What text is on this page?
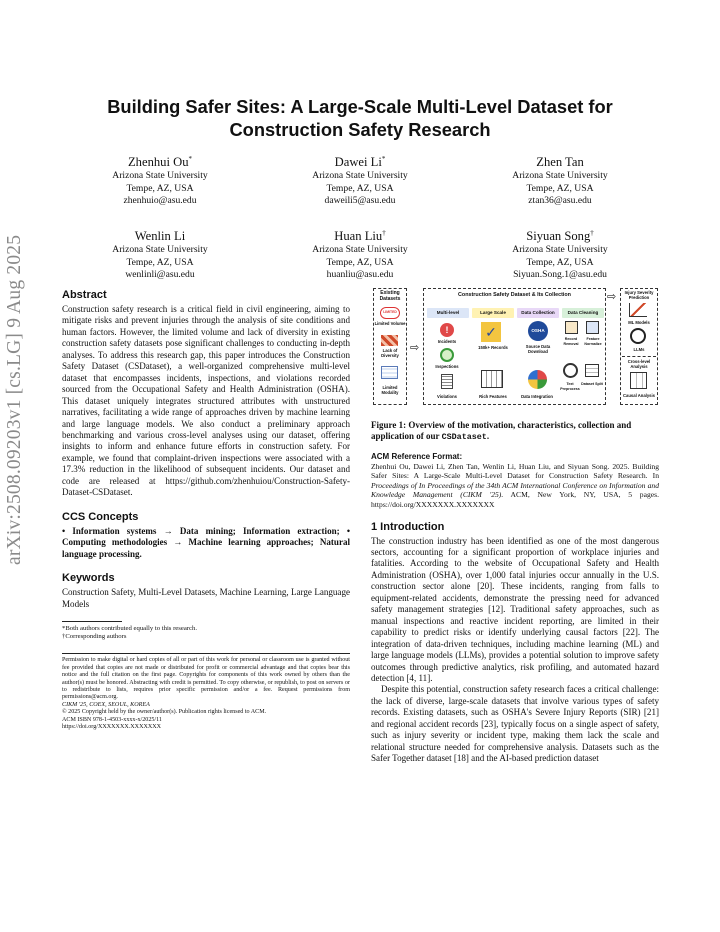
arXiv:2508.09203v1 [cs.LG] 9 Aug 2025
Building Safer Sites: A Large-Scale Multi-Level Dataset for Construction Safety Research
Zhenhui Ou*
Arizona State University
Tempe, AZ, USA
zhenhuio@asu.edu
Dawei Li*
Arizona State University
Tempe, AZ, USA
daweili5@asu.edu
Zhen Tan
Arizona State University
Tempe, AZ, USA
ztan36@asu.edu
Wenlin Li
Arizona State University
Tempe, AZ, USA
wenlinli@asu.edu
Huan Liu†
Arizona State University
Tempe, AZ, USA
huanliu@asu.edu
Siyuan Song†
Arizona State University
Tempe, AZ, USA
Siyuan.Song.1@asu.edu
Abstract
Construction safety research is a critical field in civil engineering, aiming to mitigate risks and prevent injuries through the analysis of site conditions and human factors. However, the limited volume and lack of diversity in existing construction safety datasets pose significant challenges to conducting in-depth analyses. To address this research gap, this paper introduces the Construction Safety Dataset (CSDataset), a well-organized comprehensive multi-level dataset that encompasses incidents, inspections, and violations recorded sourced from the Occupational Safety and Health Administration (OSHA). This dataset uniquely integrates structured attributes with unstructured narratives, facilitating a wide range of approaches driven by machine learning and large language models. We also conduct a preliminary approach benchmarking and various cross-level analyses using our dataset, offering insights to inform and enhance future efforts in construction safety. For example, we found that complaint-driven inspections were associated with a 17.3% reduction in the likelihood of subsequent incidents. Our dataset and code are released at https://github.com/zhenhuiou/Construction-Safety-Dataset-CSDataset.
CCS Concepts
• Information systems → Data mining; Information extraction; • Computing methodologies → Machine learning approaches; Natural language processing.
Keywords
Construction Safety, Multi-Level Datasets, Machine Learning, Large Language Models
*Both authors contributed equally to this research.
†Corresponding authors
Permission to make digital or hard copies of all or part of this work for personal or classroom use is granted without fee provided that copies are not made or distributed for profit or commercial advantage and that copies bear this notice and the full citation on the first page. Copyrights for components of this work owned by others than the author(s) must be honored. Abstracting with credit is permitted. To copy otherwise, or republish, to post on servers or to redistribute to lists, requires prior specific permission and/or a fee. Request permissions from permissions@acm.org.
CIKM '25, COEX, SEOUL, KOREA
© 2025 Copyright held by the owner/author(s). Publication rights licensed to ACM.
ACM ISBN 978-1-4503-xxxx-x/2025/11
https://doi.org/XXXXXXX.XXXXXXX
Existing Datasets
LIMITED
Limited Volume
Lack of Diversity
Limited Modality
⇨
Construction Safety Dataset & Its Collection
Multi-level	Large Scale	Data Collection	Data Cleaning
!
Incidents
Inspections
Violations
✓
150k+ Records
Rich Features
OSHA
Source Data Download
Data Integration
Record Removal
Feature Normalize
Text Preprocess
Dataset Split
⇨	Injury Severity Prediction
ML Models
LLMs
Cross-level Analysis
Causal Analysis
Figure 1: Overview of the motivation, characteristics, collection and application of our CSDataset.
ACM Reference Format:
Zhenhui Ou, Dawei Li, Zhen Tan, Wenlin Li, Huan Liu, and Siyuan Song. 2025. Building Safer Sites: A Large-Scale Multi-Level Dataset for Construction Safety Research. In Proceedings of In Proceedings of the 34th ACM International Conference on Information and Knowledge Management (CIKM '25). ACM, New York, NY, USA, 5 pages. https://doi.org/XXXXXXX.XXXXXXX
1 Introduction
The construction industry has been identified as one of the most dangerous sectors, accounting for a significant proportion of workplace injuries and fatalities. According to the website of Occupational Safety and Health Administration (OSHA), over 1,000 fatal injuries occur annually in the U.S. construction sector alone [20]. These incidents, ranging from falls to equipment-related accidents, demonstrate the pressing need for advanced safety management strategies [12]. Traditional safety approaches, such as manual inspections and reactive incident reporting, are limited in their capability to predict risks or identify underlying causal factors [22]. The integration of data-driven techniques, including machine learning (ML) and large language models (LLMs), provides a potential solution to improve safety outcomes through predictive analytics, risk profiling, and automated hazard detection [4, 11].
Despite this potential, construction safety research faces a critical challenge: the lack of diverse, large-scale datasets that involve various types of safety records. Existing datasets, such as OSHA's Severe Injury Reports (SIR) [21] and regional accident records [23], typically focus on a single aspect of safety, such as injury severity or incident type, making them lack the scale and relational structure needed for comprehensive analysis. Datasets such as the Safer Together dataset [18] and the AI-based prediction dataset
